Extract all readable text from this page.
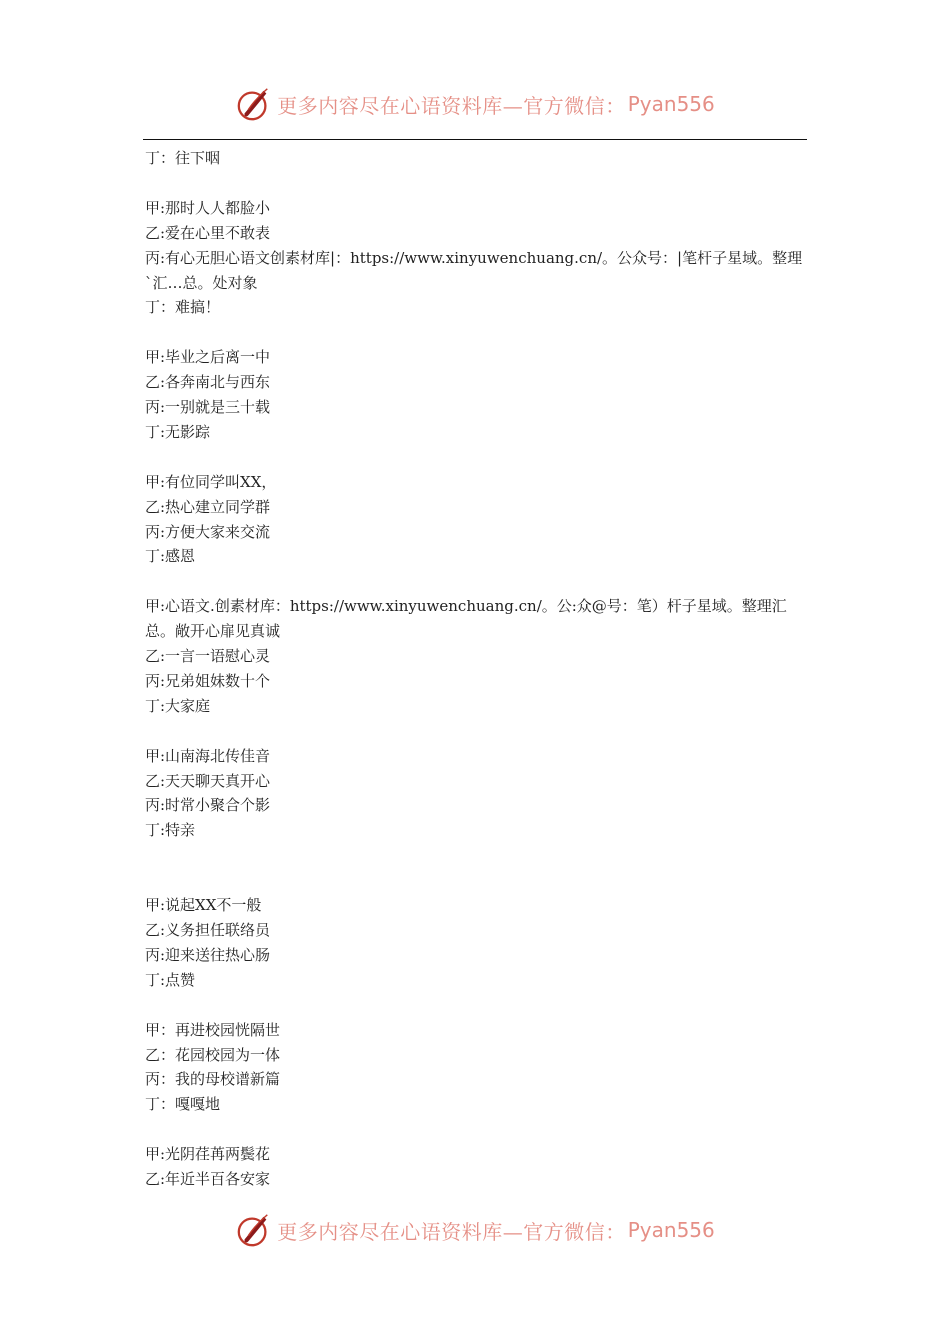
更多内容尽在心语资料库—官方微信： Pyan556

丁：往下咽

甲:那时人人都脸小

乙:爱在心里不敢表

丙:有心无胆心语文创素材库|：https://www.xinyuwenchuang.cn/。公众号：|笔杆子星域。整理`汇…总。处对象

丁：难搞！

甲:毕业之后离一中

乙:各奔南北与西东

丙:一别就是三十载

丁:无影踪

甲:有位同学叫XX，

乙:热心建立同学群

丙:方便大家来交流

丁:感恩

甲:心语文.创素材库：https://www.xinyuwenchuang.cn/。公:众@号：笔）杆子星域。整理汇总。敞开心扉见真诚

乙:一言一语慰心灵

丙:兄弟姐妹数十个

丁:大家庭

甲:山南海北传佳音

乙:天天聊天真开心

丙:时常小聚合个影

丁:特亲

甲:说起XX不一般

乙:义务担任联络员

丙:迎来送往热心肠

丁:点赞

甲：再进校园恍隔世

乙：花园校园为一体

丙：我的母校谱新篇

丁：嘎嘎地

甲:光阴荏苒两鬓花

乙:年近半百各安家

更多内容尽在心语资料库—官方微信： Pyan556
